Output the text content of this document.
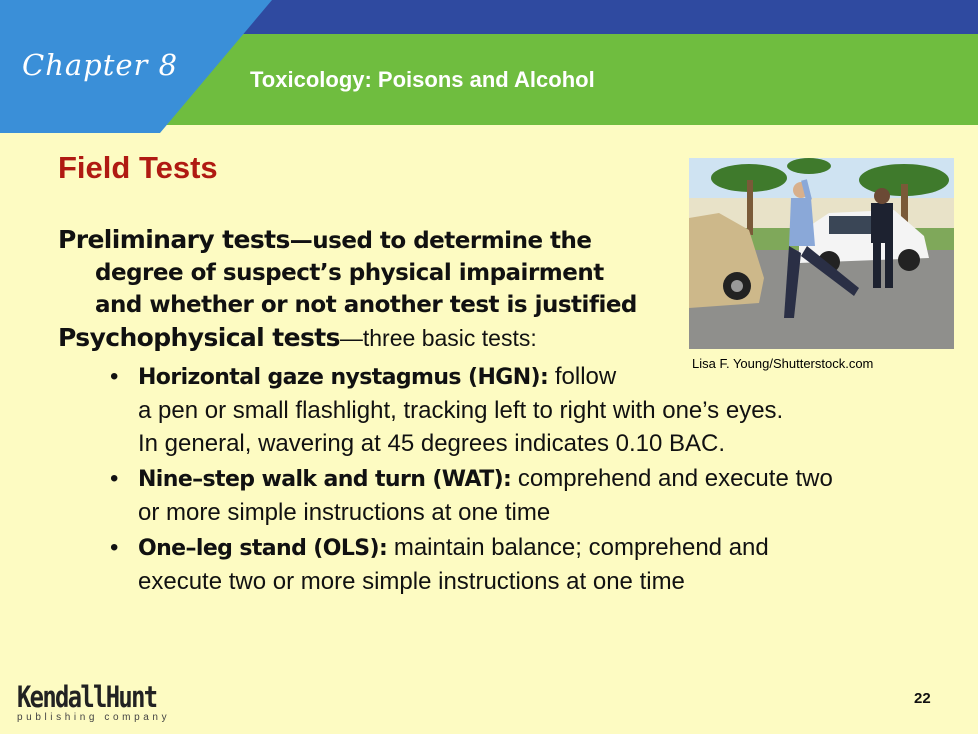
Chapter 8	Toxicology: Poisons and Alcohol
Field Tests
Lisa F. Young/Shutterstock.com
Preliminary tests—used to determine the
degree of suspect’s physical impairment
and whether or not another test is justified
Psychophysical tests—three basic tests:
• Horizontal gaze nystagmus (HGN): follow
a pen or small flashlight, tracking left to right with one’s eyes.
In general, wavering at 45 degrees indicates 0.10 BAC.
• Nine–step walk and turn (WAT): comprehend and execute two
or more simple instructions at one time
• One–leg stand (OLS): maintain balance; comprehend and
execute two or more simple instructions at one time
KendallHunt
publishing company
22
